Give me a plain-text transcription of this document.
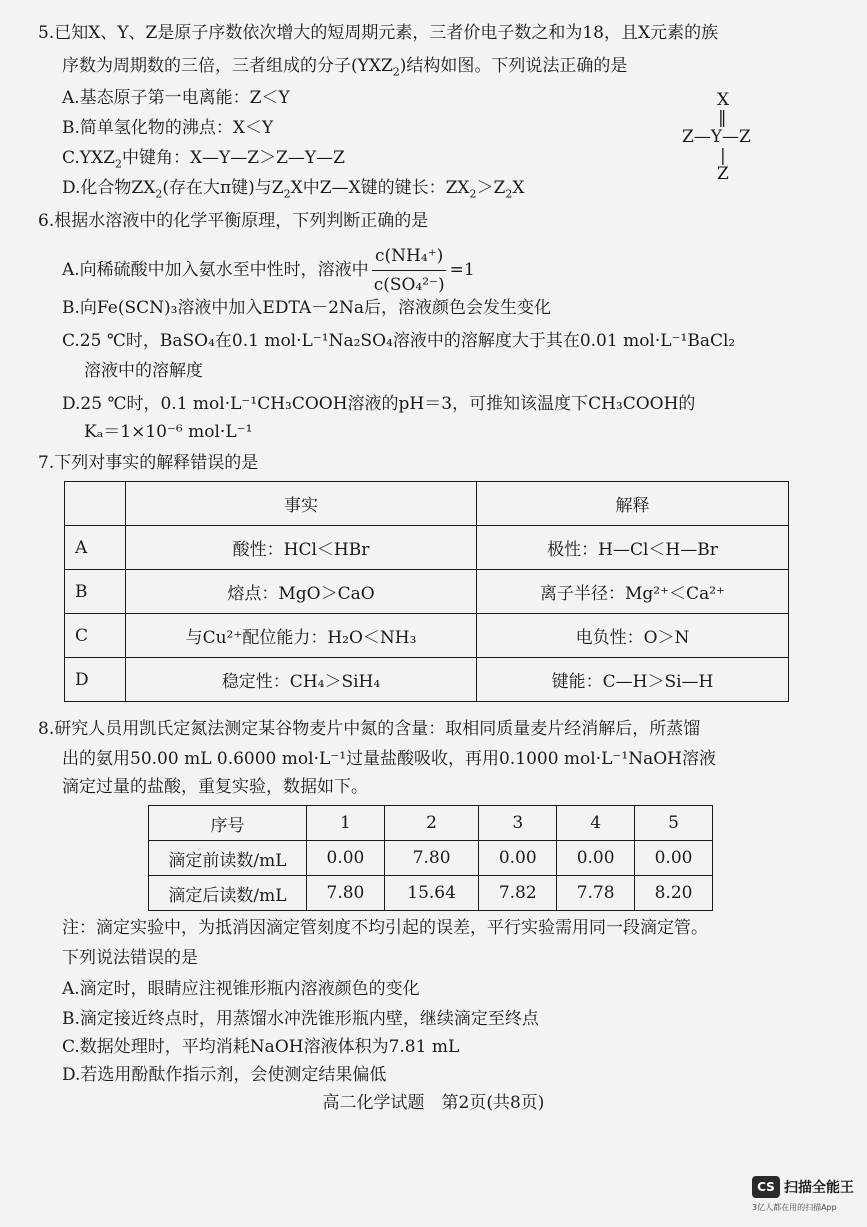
5.已知X、Y、Z是原子序数依次增大的短周期元素，三者价电子数之和为18，且X元素的族
序数为周期数的三倍，三者组成的分子$(YXZ_2)$结构如图。下列说法正确的是
A.基态原子第一电离能：Z＜Y
B.简单氢化物的沸点：X＜Y
$C.YXZ_2$中键角：X—Y—Z＞Z—Y—Z
D.化合物$ZX_2$(存在大π键)与$Z_2X$中Z—X键的键长：$ZX_2>Z_2X$
X
‖
Z—Y—Z
|
Z
6.根据水溶液中的化学平衡原理，下列判断正确的是
A.向稀硫酸中加入氨水至中性时，溶液中 $\frac{\text{c(NH₄⁺)}}{\text{c(SO₄²⁻)}} =1$
B.向Fe(SCN)₃溶液中加入EDTA－2Na后，溶液颜色会发生变化
C.25 ℃时，BaSO₄在0.1 mol·L⁻¹Na₂SO₄溶液中的溶解度大于其在0.01 mol·L⁻¹BaCl₂
溶液中的溶解度
D.25 ℃时，0.1 mol·L⁻¹CH₃COOH溶液的pH＝3，可推知该温度下CH₃COOH的
Kₐ＝1×10⁻⁶ mol·L⁻¹
7.下列对事实的解释错误的是
	事实	解释
A	酸性：HCl＜HBr	极性：H—Cl＜H—Br
B	熔点：MgO＞CaO	离子半径：Mg²⁺＜Ca²⁺
C	与Cu²⁺配位能力：H₂O＜NH₃	电负性：O＞N
D	稳定性：CH₄＞SiH₄	键能：C—H＞Si—H
8.研究人员用凯氏定氮法测定某谷物麦片中氮的含量：取相同质量麦片经消解后，所蒸馏
出的氨用50.00 mL 0.6000 mol·L⁻¹过量盐酸吸收，再用0.1000 mol·L⁻¹NaOH溶液
滴定过量的盐酸，重复实验，数据如下。
序号	1	2	3	4	5
滴定前读数/mL	0.00	7.80	0.00	0.00	0.00
滴定后读数/mL	7.80	15.64	7.82	7.78	8.20
注：滴定实验中，为抵消因滴定管刻度不均引起的误差，平行实验需用同一段滴定管。
下列说法错误的是
A.滴定时，眼睛应注视锥形瓶内溶液颜色的变化
B.滴定接近终点时，用蒸馏水冲洗锥形瓶内壁，继续滴定至终点
C.数据处理时，平均消耗NaOH溶液体积为7.81 mL
D.若选用酚酞作指示剂，会使测定结果偏低
高二化学试题　第2页(共8页)
CS 扫描全能王
3亿人都在用的扫描App
